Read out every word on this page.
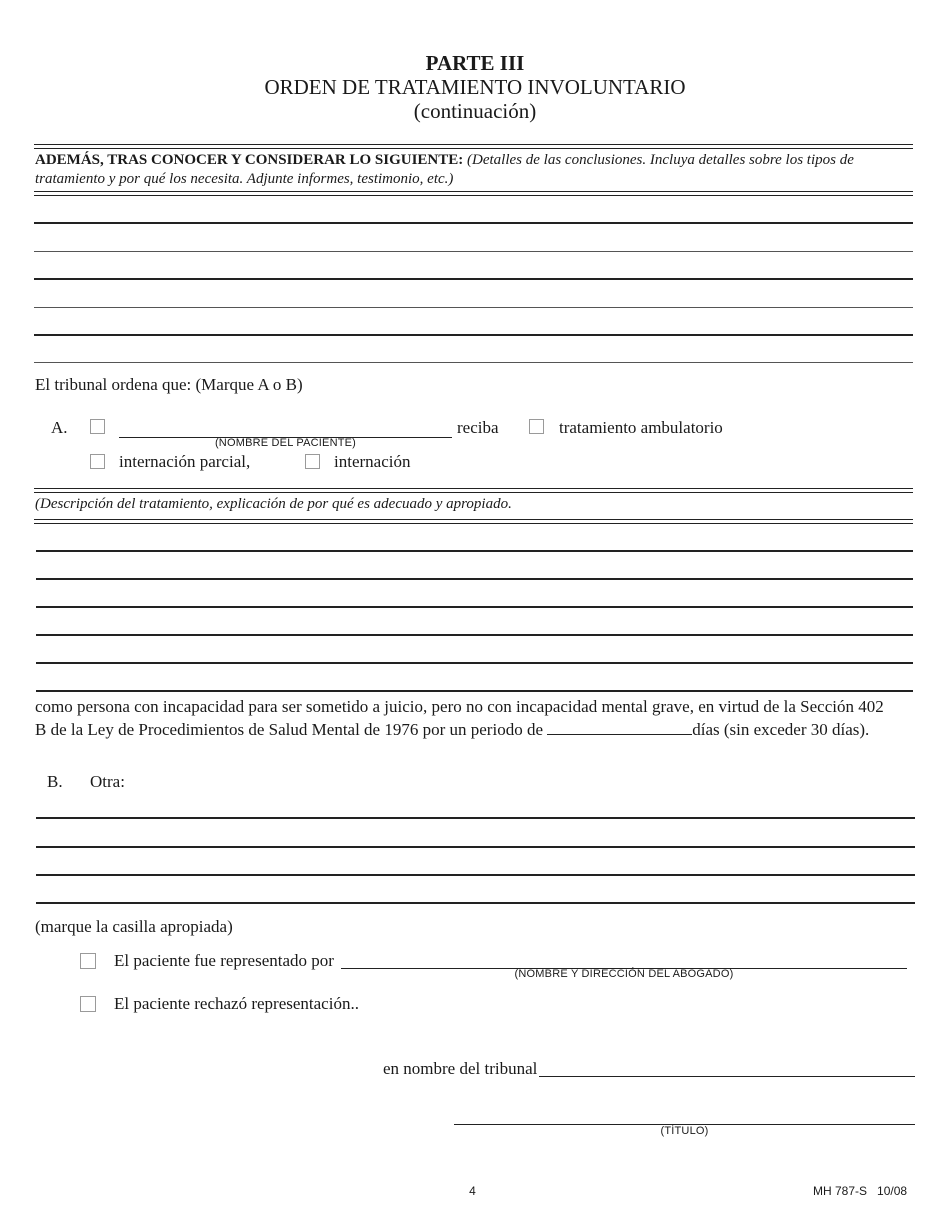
PARTE III
ORDEN DE TRATAMIENTO INVOLUNTARIO
(continuación)
ADEMÁS, TRAS CONOCER Y CONSIDERAR LO SIGUIENTE: (Detalles de las conclusiones. Incluya detalles sobre los tipos de tratamiento y por qué los necesita. Adjunte informes, testimonio, etc.)
El tribunal ordena que: (Marque A o B)
A.
(NOMBRE DEL PACIENTE)
reciba	tratamiento ambulatorio
internación parcial,	internación
(Descripción del tratamiento, explicación de por qué es adecuado y apropiado.
como persona con incapacidad para ser sometido a juicio, pero no con incapacidad mental grave, en virtud de la Sección 402
B de la Ley de Procedimientos de Salud Mental de 1976 por un periodo de	días (sin exceder 30 días).
B. Otra:
(marque la casilla apropiada)
El paciente fue representado por
(NOMBRE Y DIRECCIÓN DEL ABOGADO)
El paciente rechazó representación..
en nombre del tribunal
(TÍTULO)
4	MH 787-S   10/08
